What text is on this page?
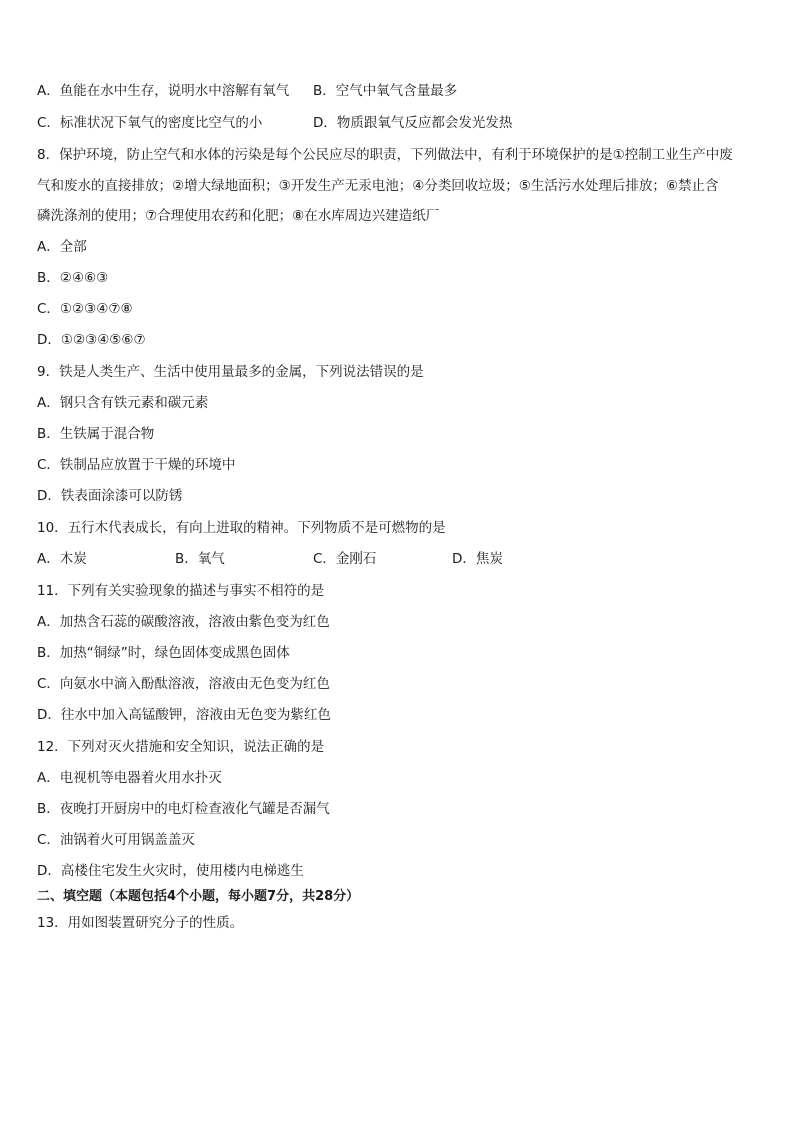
A．鱼能在水中生存，说明水中溶解有氧气 B．空气中氧气含量最多
C．标准状况下氧气的密度比空气的小	D．物质跟氧气反应都会发光发热
8．保护环境，防止空气和水体的污染是每个公民应尽的职责，下列做法中，有利于环境保护的是①控制工业生产中废
气和废水的直接排放；②增大绿地面积；③开发生产无汞电池；④分类回收垃圾；⑤生活污水处理后排放；⑥禁止含
磷洗涤剂的使用；⑦合理使用农药和化肥；⑧在水库周边兴建造纸厂
A．全部
B．②④⑥③
C．①②③④⑦⑧
D．①②③④⑤⑥⑦
9．铁是人类生产、生活中使用量最多的金属，下列说法错误的是
A．钢只含有铁元素和碳元素
B．生铁属于混合物
C．铁制品应放置于干燥的环境中
D．铁表面涂漆可以防锈
10．五行木代表成长，有向上进取的精神。下列物质不是可燃物的是
A．木炭	B．氧气	C．金刚石	D．焦炭
11．下列有关实验现象的描述与事实不相符的是
A．加热含石蕊的碳酸溶液，溶液由紫色变为红色
B．加热“铜绿”时，绿色固体变成黑色固体
C．向氨水中滴入酚酞溶液，溶液由无色变为红色
D．往水中加入高锰酸钾，溶液由无色变为紫红色
12．下列对灭火措施和安全知识，说法正确的是
A．电视机等电器着火用水扑灭
B．夜晚打开厨房中的电灯检查液化气罐是否漏气
C．油锅着火可用锅盖盖灭
D．高楼住宅发生火灾时，使用楼内电梯逃生
二、填空题（本题包括4个小题，每小题7分，共28分）
13．用如图装置研究分子的性质。
